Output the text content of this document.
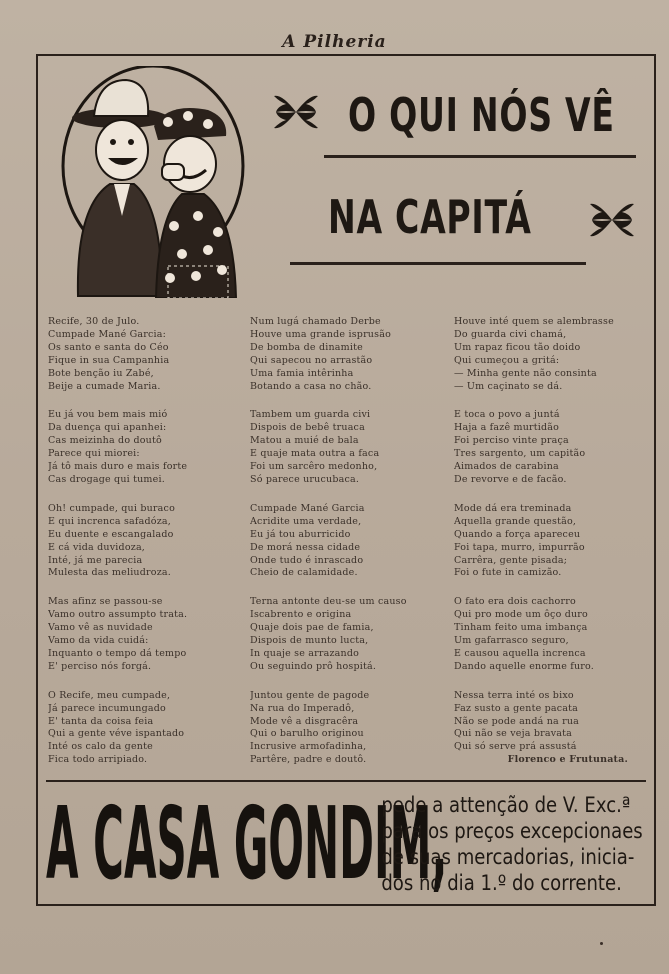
A Pilheria
O QUI NÓS VÊ
NA CAPITÁ
Recife, 30 de Julo.
Cumpade Mané Garcia:
Os santo e santa do Céo
Fique in sua Campanhia
Bote benção iu Zabé,
Beije a cumade Maria.
Eu já vou bem mais mió
Da duença qui apanhei:
Cas meizinha do doutô
Parece qui miorei:
Já tô mais duro e mais forte
Cas drogage qui tumei.
Oh! cumpade, qui buraco
E qui increnca safadóza,
Eu duente e escangalado
E cá vida duvidoza,
Inté, já me parecia
Mulesta das meliudroza.
Mas afinz se passou-se
Vamo outro assumpto trata.
Vamo vê as nuvidade
Vamo da vida cuidá:
Inquanto o tempo dá tempo
E' perciso nós forgá.
O Recife, meu cumpade,
Já parece incumungado
E' tanta da coisa feia
Qui a gente véve ispantado
Inté os calo da gente
Fica todo arripiado.
Num lugá chamado Derbe
Houve uma grande isprusão
De bomba de dinamite
Qui sapecou no arrastão
Uma famia intêrinha
Botando a casa no chão.
Tambem um guarda civi
Dispois de bebê truaca
Matou a muié de bala
E quaje mata outra a faca
Foi um sarcêro medonho,
Só parece urucubaca.
Cumpade Mané Garcia
Acridite uma verdade,
Eu já tou aburricido
De morá nessa cidade
Onde tudo é inrascado
Cheio de calamidade.
Terna antonte deu-se um causo
Iscabrento e origina
Quaje dois pae de famia,
Dispois de munto lucta,
In quaje se arrazando
Ou seguindo prô hospitá.
Juntou gente de pagode
Na rua do Imperadô,
Mode vê a disgracêra
Qui o barulho originou
Incrusive armofadinha,
Partêre, padre e doutô.
Houve inté quem se alembrasse
Do guarda civi chamá,
Um rapaz ficou tão doido
Qui cumeçou a gritá:
— Minha gente não consinta
— Um caçinato se dá.
E toca o povo a juntá
Haja a fazê murtidão
Foi perciso vinte praça
Tres sargento, um capitão
Aimados de carabina
De revorve e de facão.
Mode dá era treminada
Aquella grande questão,
Quando a força apareceu
Foi tapa, murro, impurrão
Carrêra, gente pisada;
Foi o fute in camizão.
O fato era dois cachorro
Qui pro mode um ôço duro
Tinham feito uma imbança
Um gafarrasco seguro,
E causou aquella increnca
Dando aquelle enorme furo.
Nessa terra inté os bixo
Faz susto a gente pacata
Não se pode andá na rua
Qui não se veja bravata
Qui só serve prá assustá
Florenco e Frutunata.
A CASA GONDIM,
pede a attenção de V. Exc.ª
para os preços excepcionaes
de suas mercadorias, inicia-
dos no dia 1.º do corrente.
